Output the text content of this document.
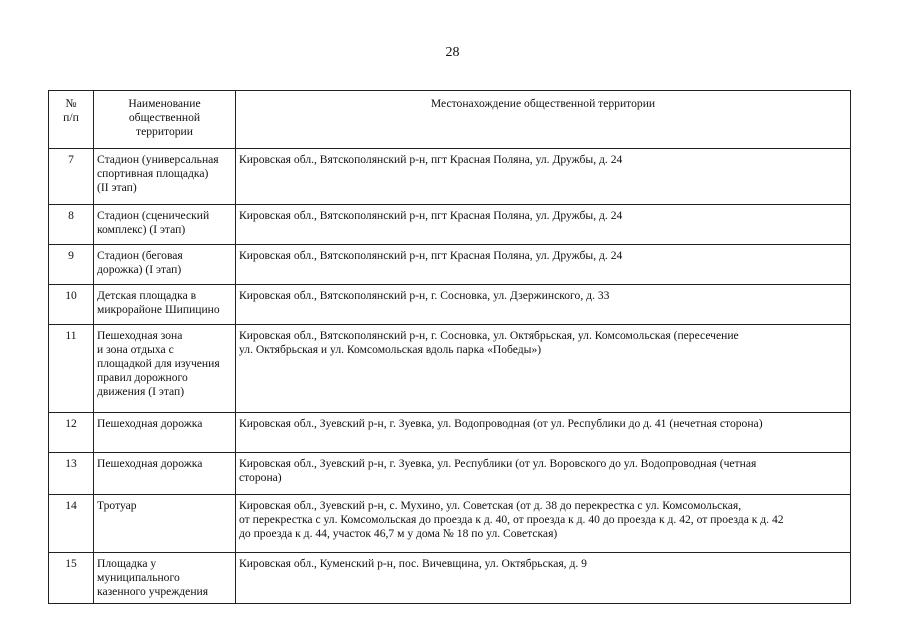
28
№
п/п	Наименование
общественной
территории	Местонахождение общественной территории
7	Стадион (универсальная
спортивная площадка)
(II этап)	Кировская обл., Вятскополянский р-н, пгт Красная Поляна, ул. Дружбы, д. 24
8	Стадион (сценический
комплекс) (I этап)	Кировская обл., Вятскополянский р-н, пгт Красная Поляна, ул. Дружбы, д. 24
9	Стадион (беговая
дорожка) (I этап)	Кировская обл., Вятскополянский р-н, пгт Красная Поляна, ул. Дружбы, д. 24
10	Детская площадка в
микрорайоне Шипицино	Кировская обл., Вятскополянский р-н, г. Сосновка, ул. Дзержинского, д. 33
11	Пешеходная зона
и зона отдыха с
площадкой для изучения
правил дорожного
движения (I этап)	Кировская обл., Вятскополянский р-н, г. Сосновка, ул. Октябрьская, ул. Комсомольская (пересечение
ул. Октябрьская и ул. Комсомольская вдоль парка «Победы»)
12	Пешеходная дорожка	Кировская обл., Зуевский р-н, г. Зуевка, ул. Водопроводная (от ул. Республики до д. 41 (нечетная сторона)
13	Пешеходная дорожка	Кировская обл., Зуевский р-н, г. Зуевка, ул. Республики (от ул. Воровского до ул. Водопроводная (четная
сторона)
14	Тротуар	Кировская обл., Зуевский р-н, с. Мухино, ул. Советская (от д. 38 до перекрестка с ул. Комсомольская,
от перекрестка с ул. Комсомольская до проезда к д. 40, от проезда к д. 40 до проезда к д. 42, от проезда к д. 42
до проезда к д. 44, участок 46,7 м у дома № 18 по ул. Советская)
15	Площадка у
муниципального
казенного учреждения	Кировская обл., Куменский р-н, пос. Вичевщина, ул. Октябрьская, д. 9
